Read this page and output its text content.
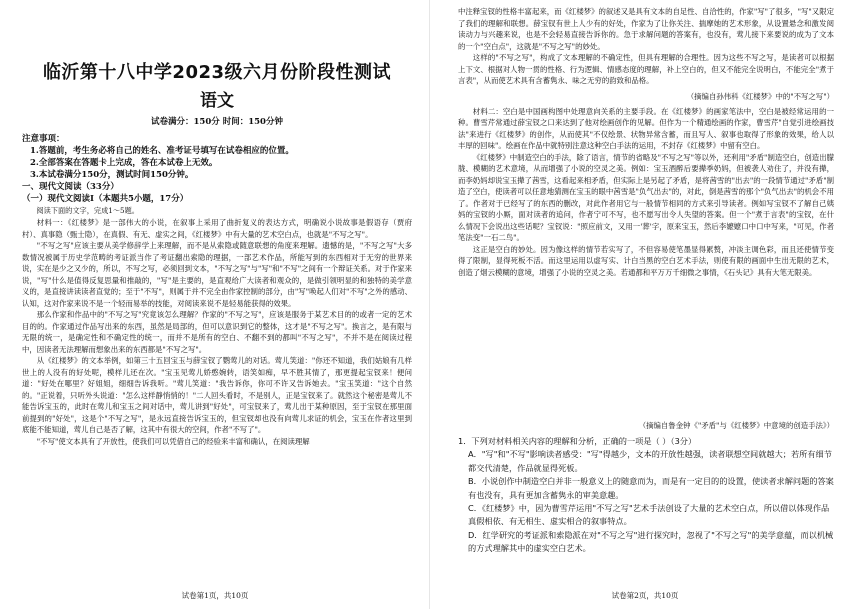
临沂第十八中学2023级六月份阶段性测试
语文
试卷满分：150分 时间：150分钟
注意事项：
1.答题前，考生务必将自己的姓名、准考证号填写在试卷相应的位置。
2.全部答案在答题卡上完成，答在本试卷上无效。
3.本试卷满分150分，测试时间150分钟。
一、现代文阅读（33分）
（一）现代文阅读Ⅰ（本题共5小题，17分）
阅读下面的文字，完成1～5题。

材料一：《红楼梦》是一部伟大的小说，在叙事上采用了曲折复义的表达方式，明确说小说故事是假语存（贾府村）、真事隐（甄士隐），在真假、有无、虚实之间，《红楼梦》中有大量的艺术空白点，也就是"不写之写"。

"不写之写"应该主要从美学修辞学上来理解，而不是从索隐或随意联想的角度来理解。遗憾的是，"不写之写"大多数情况被属于历史学范畴的考证派当作了考证翻出索隐的理据，一部艺术作品，所能写到的东西相对于无穷的世界来说，实在是少之又少的，所以，不写之写，必须回到文本，"不写之写"与"写"和"不写"之间有一个辩证关系。对于作家来说，"写"什么是值得反复思量和推敲的，"写"是主要的，是直观给广大读者和观众的，是做引领明显的和独特的美学意义的，是直接讲读读者直觉的；至于"不写"，则属于并不完全由作家控制的部分，由"写"唤起人们对"不写"之外的感动、认知，这对作家来说不是一个轻而易举的技能，对阅读来说不是轻易能获得的效果。

那么作家和作品中的"不写之写"究竟该怎么理解？作家的"不写之写"，应该是服务于某艺术目的的或者一定的艺术目的的。作家通过作品写出来的东西，虽然是局部的，但可以意识到它的整体，这才是"不写之写"。换言之，是有限与无限的统一，是确定性和不确定性的统一，而并不是所有的空白、不翻不到的都叫"不写之写"，不并不是在阅读过程中，因读者无法理解而想象出来的东西都是"不写之写"。

从《红楼梦》的文本举例，如第三十五回宝玉与薛宝钗了鹦莺儿的对话。莺儿笑道："你还不知道，我们姑娘有几样世上的人没有的好处呢，模样儿还在次。"宝玉见莺儿娇憨婉转，语笑如痴，早不胜其情了，那更提起宝钗来！便问道："好处在哪里？好姐姐，细细告诉我听。"莺儿笑道："我告诉你，你可不许又告诉她去。"宝玉笑道："这个自然的。"正说着，只听外头说道："怎么这样静悄悄的！"二人回头看时，不是别人，正是宝钗来了。就然这个秘密是莺儿不能告诉宝玉的，此时在莺儿和宝玉之间对话中，莺儿讲到"好处"，可宝钗来了，莺儿出于某种原因，至于宝钗在那里面前提到的"好处"，这是个"不写之写"，是永远直接告诉宝玉的，但宝钗却也没有向莺儿求证的机会，宝玉在作者这里到底能不能知道，莺儿自己是否了解，这其中有很大的空间，作者"不写了"。

"不写"使文本具有了开放性，使我们可以凭借自己的经验来丰富和确认，在阅读理解

试卷第1页，共10页

中注释宝钗的性格丰富起来，而《红楼梦》的叙述又是具有文本的自足性、自洽性的，作家"写"了很多，"写"又限定了我们的理解和联想。薛宝钗有世上人少有的好处，作家为了让你关注、揣摩她的艺术形象，从设置悬念和激发阅读动力与兴趣来说，也是不会轻易直接告诉你的。急于求解问题的答案有，也没有，莺儿接下来要说的成为了文本的一个"空白点"，这就是"不写之写"的妙处。

这样的"不写之写"，构成了文本理解的不确定性，但具有理解的合理性。因为这些不写之写，是读者可以根据上下文、根据对人物一贯的性格、行为逻辑、情感态度的理解，补上空白的，但又不能完全说明白，不能完全"煮于言表"，从而使艺术具有含蓄隽永、味之无穷的韵致和品格。

（摘编自孙伟科《红楼梦》中的"不写之写"）

材料二：空白是中国画构图中处理意向关系的主要手段。在《红楼梦》的画家笔法中，空白是被经常运用的一种。曹雪芹常通过薛宝钗之口来达到了他对绘画创作的见解。但作为一个精通绘画的作家，曹雪芹"自觉引进绘画技法"来进行《红楼梦》的创作，从而使其"不仅绘景、状物异常含蓄，而且写人、叙事也取得了形象的效果，给人以丰厚的回味"。绘画在作品中就特别注意这种空白手法的运用，不封存《红楼梦》中留有空白。

《红楼梦》中制造空白的手法，除了语言，情节的省略及"不写之写"等以外，还利用"矛盾"制造空白，创造出朦胧、模糊的艺术意境，从而增强了小说的空灵之美。例如：宝玉酒醉后要撵季奶妈，但被袭人劝住了，并没有撵，而李奶妈却说宝玉撵了茜雪，这看起来相矛盾，但实际上是另起了矛盾，是将茜雪的"出去"的一段情节通过"矛盾"制造了空白，使读者可以任意地猜测在宝玉的眼中茜雪是"负气出去"的，对此，倒是茜雪的那个"负气出去"的机会不用了。作者对于已经写了的东西的删改，对此作者用它与一般情节相同的方式来引导读者。例如写宝钗不了解自己姨妈的宝钗的小厮，面对读者的追问，作者宁可不写，也不愿写出令人失望的答案。但一个"煮于言表"的宝钗，在什么情况下会说出这些话呢？宝钗说："照应前文，又用一'葬'字，原来宝玉，然后李嬷嬷口中口中写来，"可见，作者笔法变"一石二鸟"。

这正是空白的妙处。因为像这样的情节若实写了，不但容易使笔墨显得累赘，冲淡主调色彩，而且还使情节变得了限制，显得死板不活。而这里运用以虚写实、计白当黑的空白艺术手法，则使有限的画面中生出无限的艺术，创造了烟云模糊的意境，增强了小说的空灵之美。若通都和平万万千细微之事情，《石头记》具有大笔无限美。

（摘编自鲁金钟《"矛盾"与《红楼梦》中意境的创造手法》）
1．下列对材料相关内容的理解和分析，正确的一项是（ ）（3分）
A．"写"和"不写"影响读者感受："写"得越少，文本的开放性越强，读者联想空间就越大；若所有细节都交代清楚，作品就显得死板。
B．小说创作中制造空白并非一般意义上的随意而为，而是有一定目的的设置，使读者求解问题的答案有也没有，具有更加含蓄隽永的审美意趣。
C．《红楼梦》中，因为曹雪芹运用"不写之写"艺术手法创设了大量的艺术空白点，所以借以体现作品真假相依、有无相生、虚实相合的叙事特点。
D．红学研究的考证派和索隐派在对"不写之写"进行探究时，忽视了"不写之写"的美学意蕴，而以机械的方式理解其中的虚实空白艺术。
试卷第2页，共10页
